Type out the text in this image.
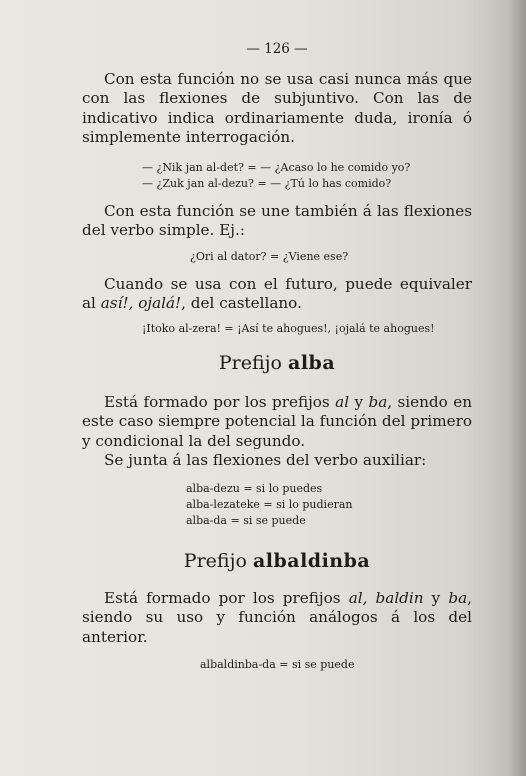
— 126 —

Con esta función no se usa casi nunca más que con las flexiones de subjuntivo. Con las de indicativo indica ordinariamente duda, ironía ó simplemente interrogación.

— ¿Nik jan al-det? = — ¿Acaso lo he comido yo?
— ¿Zuk jan al-dezu? = — ¿Tú lo has comido?

Con esta función se une también á las flexiones del verbo simple. Ej.:

¿Ori al dator? = ¿Viene ese?

Cuando se usa con el futuro, puede equivaler al así!, ojalá!, del castellano.

¡Itoko al-zera! = ¡Así te ahogues!, ¡ojalá te ahogues!
Prefijo alba

Está formado por los prefijos al y ba, siendo en este caso siempre potencial la función del primero y condicional la del segundo.

Se junta á las flexiones del verbo auxiliar:

alba-dezu = si lo puedes
alba-lezateke = si lo pudieran
alba-da = si se puede
Prefijo albaldinba

Está formado por los prefijos al, baldin y ba, siendo su uso y función análogos á los del anterior.

albaldinba-da = si se puede
